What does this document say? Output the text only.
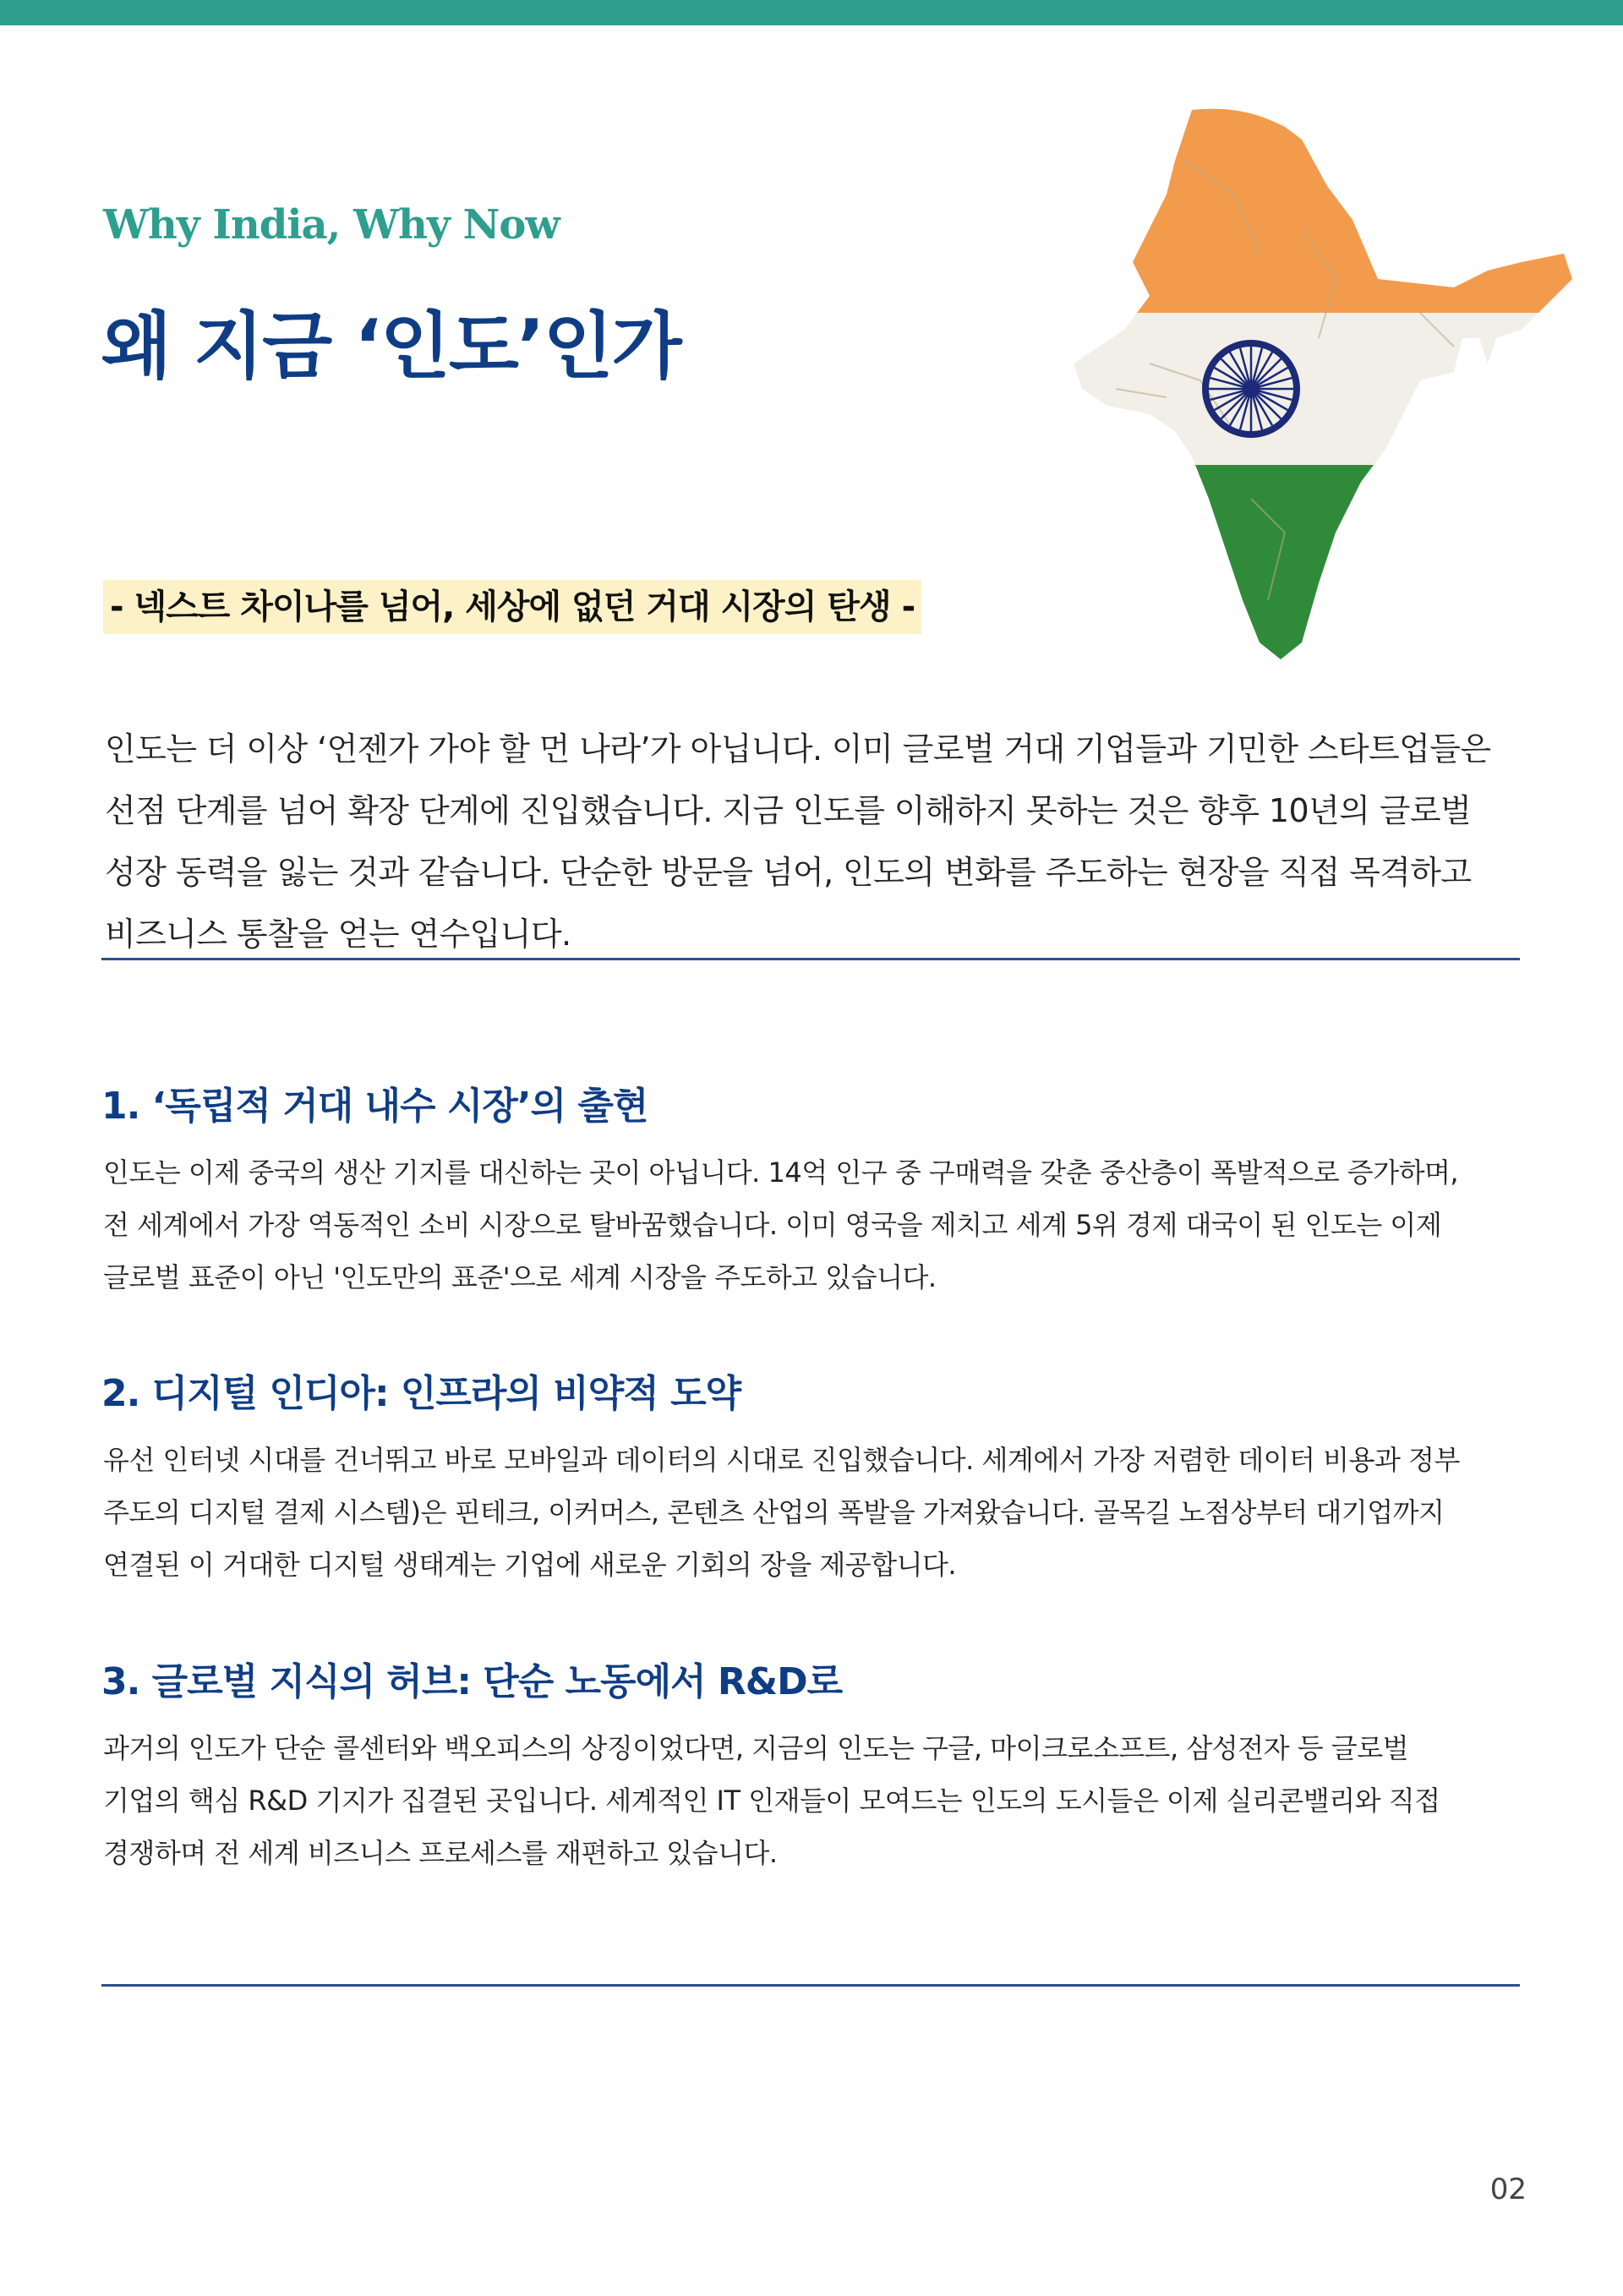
Why India, Why Now
왜 지금 ‘인도’인가
- 넥스트 차이나를 넘어, 세상에 없던 거대 시장의 탄생 -

인도는 더 이상 ‘언젠가 가야 할 먼 나라’가 아닙니다. 이미 글로벌 거대 기업들과 기민한 스타트업들은

선점 단계를 넘어 확장 단계에 진입했습니다. 지금 인도를 이해하지 못하는 것은 향후 10년의 글로벌

성장 동력을 잃는 것과 같습니다. 단순한 방문을 넘어, 인도의 변화를 주도하는 현장을 직접 목격하고

비즈니스 통찰을 얻는 연수입니다.

1. ‘독립적 거대 내수 시장’의 출현

인도는 이제 중국의 생산 기지를 대신하는 곳이 아닙니다. 14억 인구 중 구매력을 갖춘 중산층이 폭발적으로 증가하며,

전 세계에서 가장 역동적인 소비 시장으로 탈바꿈했습니다. 이미 영국을 제치고 세계 5위 경제 대국이 된 인도는 이제

글로벌 표준이 아닌 '인도만의 표준'으로 세계 시장을 주도하고 있습니다.

2. 디지털 인디아: 인프라의 비약적 도약

유선 인터넷 시대를 건너뛰고 바로 모바일과 데이터의 시대로 진입했습니다. 세계에서 가장 저렴한 데이터 비용과 정부

주도의 디지털 결제 시스템)은 핀테크, 이커머스, 콘텐츠 산업의 폭발을 가져왔습니다. 골목길 노점상부터 대기업까지

연결된 이 거대한 디지털 생태계는 기업에 새로운 기회의 장을 제공합니다.

3. 글로벌 지식의 허브: 단순 노동에서 R&D로

과거의 인도가 단순 콜센터와 백오피스의 상징이었다면, 지금의 인도는 구글, 마이크로소프트, 삼성전자 등 글로벌

기업의 핵심 R&D 기지가 집결된 곳입니다. 세계적인 IT 인재들이 모여드는 인도의 도시들은 이제 실리콘밸리와 직접

경쟁하며 전 세계 비즈니스 프로세스를 재편하고 있습니다.

02
